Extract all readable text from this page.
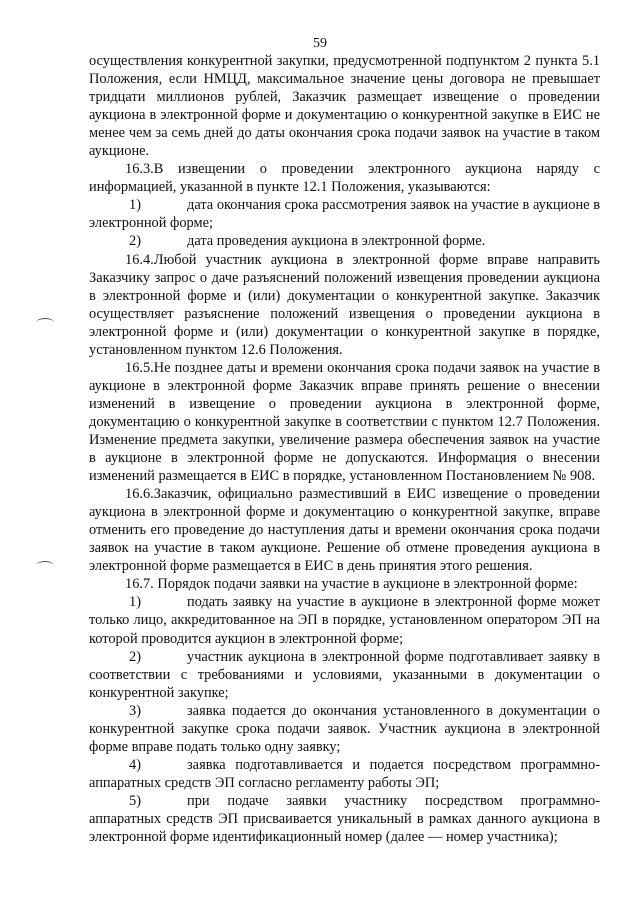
59

осуществления конкурентной закупки, предусмотренной подпунктом 2 пункта 5.1 Положения, если НМЦД, максимальное значение цены договора не превышает тридцати миллионов рублей, Заказчик размещает извещение о проведении аукциона в электронной форме и документацию о конкурентной закупке в ЕИС не менее чем за семь дней до даты окончания срока подачи заявок на участие в таком аукционе.

16.3.В извещении о проведении электронного аукциона наряду с информацией, указанной в пункте 12.1 Положения, указываются:

1)	дата окончания срока рассмотрения заявок на участие в аукционе в электронной форме;

2)	дата проведения аукциона в электронной форме.

16.4.Любой участник аукциона в электронной форме вправе направить Заказчику запрос о даче разъяснений положений извещения проведении аукциона в электронной форме и (или) документации о конкурентной закупке. Заказчик осуществляет разъяснение положений извещения о проведении аукциона в электронной форме и (или) документации о конкурентной закупке в порядке, установленном пунктом 12.6 Положения.

16.5.Не позднее даты и времени окончания срока подачи заявок на участие в аукционе в электронной форме Заказчик вправе принять решение о внесении изменений в извещение о проведении аукциона в электронной форме, документацию о конкурентной закупке в соответствии с пунктом 12.7 Положения. Изменение предмета закупки, увеличение размера обеспечения заявок на участие в аукционе в электронной форме не допускаются. Информация о внесении изменений размещается в ЕИС в порядке, установленном Постановлением № 908.

16.6.Заказчик, официально разместивший в ЕИС извещение о проведении аукциона в электронной форме и документацию о конкурентной закупке, вправе отменить его проведение до наступления даты и времени окончания срока подачи заявок на участие в таком аукционе. Решение об отмене проведения аукциона в электронной форме размещается в ЕИС в день принятия этого решения.

16.7. Порядок подачи заявки на участие в аукционе в электронной форме:

1)	подать заявку на участие в аукционе в электронной форме может только лицо, аккредитованное на ЭП в порядке, установленном оператором ЭП на которой проводится аукцион в электронной форме;

2)	участник аукциона в электронной форме подготавливает заявку в соответствии с требованиями и условиями, указанными в документации о конкурентной закупке;

3)	заявка подается до окончания установленного в документации о конкурентной закупке срока подачи заявок. Участник аукциона в электронной форме вправе подать только одну заявку;

4)	заявка подготавливается и подается посредством программно-аппаратных средств ЭП согласно регламенту работы ЭП;

5)	при подаче заявки участнику посредством программно-аппаратных средств ЭП присваивается уникальный в рамках данного аукциона в электронной форме идентификационный номер (далее — номер участника);
